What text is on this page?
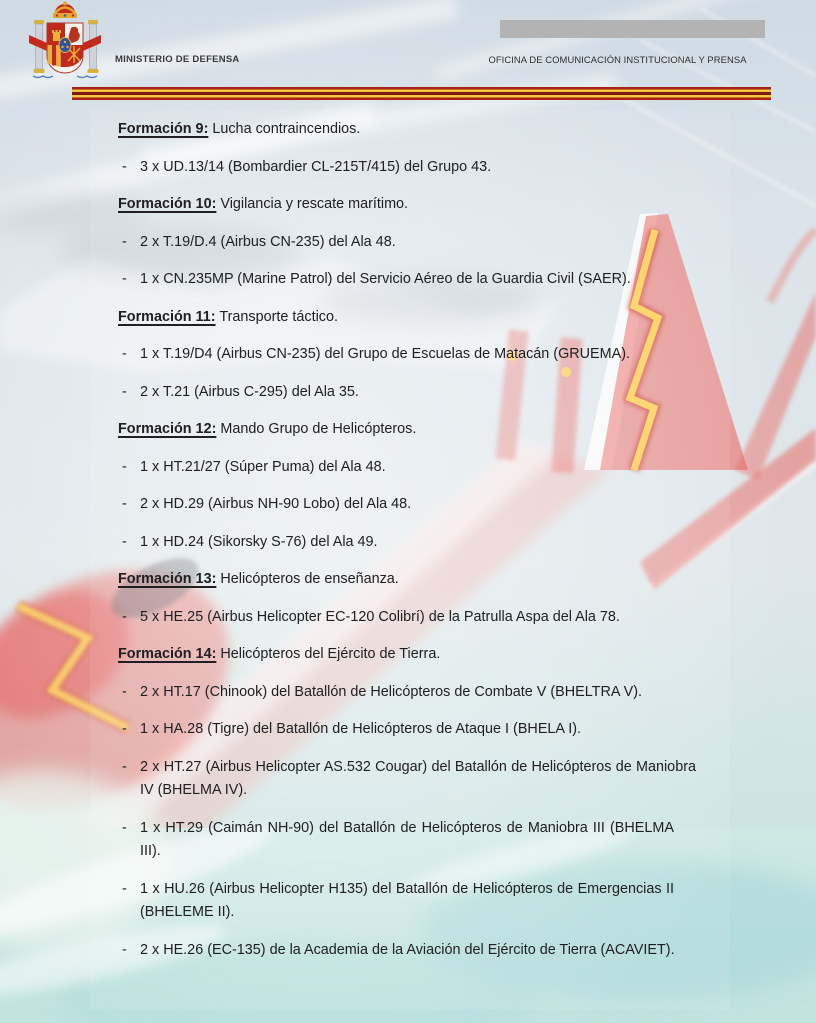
MINISTERIO DE DEFENSA	OFICINA DE COMUNICACIÓN INSTITUCIONAL Y PRENSA

Formación 9: Lucha contraincendios.

- 3 x UD.13/14 (Bombardier CL-215T/415) del Grupo 43.

Formación 10: Vigilancia y rescate marítimo.

- 2 x T.19/D.4 (Airbus CN-235) del Ala 48.

- 1 x CN.235MP (Marine Patrol) del Servicio Aéreo de la Guardia Civil (SAER).

Formación 11: Transporte táctico.

- 1 x T.19/D4 (Airbus CN-235) del Grupo de Escuelas de Matacán (GRUEMA).

- 2 x T.21 (Airbus C-295) del Ala 35.

Formación 12: Mando Grupo de Helicópteros.

- 1 x HT.21/27 (Súper Puma) del Ala 48.

- 2 x HD.29 (Airbus NH-90 Lobo) del Ala 48.

- 1 x HD.24 (Sikorsky S-76) del Ala 49.

Formación 13: Helicópteros de enseñanza.

- 5 x HE.25 (Airbus Helicopter EC-120 Colibrí) de la Patrulla Aspa del Ala 78.

Formación 14: Helicópteros del Ejército de Tierra.

- 2 x HT.17 (Chinook) del Batallón de Helicópteros de Combate V (BHELTRA V).

- 1 x HA.28 (Tigre) del Batallón de Helicópteros de Ataque I (BHELA I).

- 2 x HT.27 (Airbus Helicopter AS.532 Cougar) del Batallón de Helicópteros de Maniobra IV (BHELMA IV).

- 1 x HT.29 (Caimán NH-90) del Batallón de Helicópteros de Maniobra III (BHELMA III).

- 1 x HU.26 (Airbus Helicopter H135) del Batallón de Helicópteros de Emergencias II (BHELEME II).

- 2 x HE.26 (EC-135) de la Academia de la Aviación del Ejército de Tierra (ACAVIET).
